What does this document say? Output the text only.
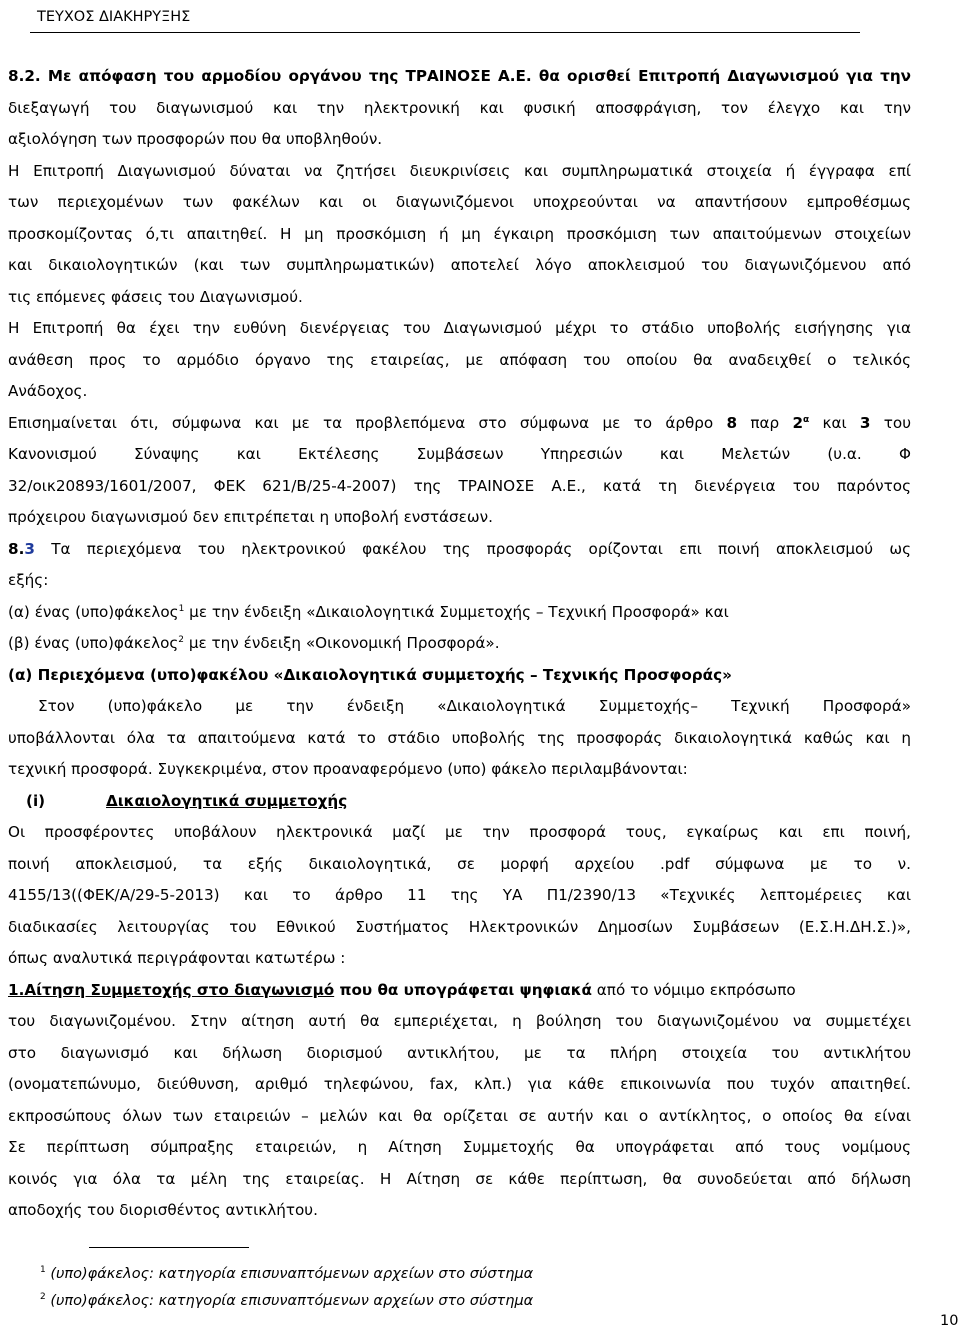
ΤΕΥΧΟΣ ΔΙΑΚΗΡΥΞΗΣ
8.2. Με απόφαση του αρμοδίου οργάνου της ΤΡΑΙΝΟΣΕ Α.Ε. θα ορισθεί Επιτροπή Διαγωνισμού για την
διεξαγωγή του διαγωνισμού και την ηλεκτρονική και φυσική αποσφράγιση, τον έλεγχο και την
αξιολόγηση των προσφορών που θα υποβληθούν.
Η Επιτροπή Διαγωνισμού δύναται να ζητήσει διευκρινίσεις και συμπληρωματικά στοιχεία ή έγγραφα επί
των περιεχομένων των φακέλων και οι διαγωνιζόμενοι υποχρεούνται να απαντήσουν εμπροθέσμως
προσκομίζοντας ό,τι απαιτηθεί. Η μη προσκόμιση ή μη έγκαιρη προσκόμιση των απαιτούμενων στοιχείων
και δικαιολογητικών (και των συμπληρωματικών) αποτελεί λόγο αποκλεισμού του διαγωνιζόμενου από
τις επόμενες φάσεις του Διαγωνισμού.
Η Επιτροπή θα έχει την ευθύνη διενέργειας του Διαγωνισμού μέχρι το στάδιο υποβολής εισήγησης για
ανάθεση προς το αρμόδιο όργανο της εταιρείας, με απόφαση του οποίου θα αναδειχθεί ο τελικός
Ανάδοχος.
Επισημαίνεται ότι, σύμφωνα και με τα προβλεπόμενα στο σύμφωνα με το άρθρο 8 παρ $2^\alpha$ και 3 του
Κανονισμού Σύναψης και Εκτέλεσης Συμβάσεων Υπηρεσιών και Μελετών (υ.α. Φ
32/οικ20893/1601/2007, ΦΕΚ 621/Β/25-4-2007) της ΤΡΑΙΝΟΣΕ Α.Ε., κατά τη διενέργεια του παρόντος
πρόχειρου διαγωνισμού δεν επιτρέπεται η υποβολή ενστάσεων.
8.3 Τα περιεχόμενα του ηλεκτρονικού φακέλου της προσφοράς ορίζονται επι ποινή αποκλεισμού ως
εξής:
(α) ένας (υπο)φάκελος$^1$ με την ένδειξη «Δικαιολογητικά Συμμετοχής – Τεχνική Προσφορά» και
(β) ένας (υπο)φάκελος$^2$ με την ένδειξη «Οικονομική Προσφορά».
(α) Περιεχόμενα (υπο)φακέλου «Δικαιολογητικά συμμετοχής – Τεχνικής Προσφοράς»
Στον (υπο)φάκελο με την ένδειξη «Δικαιολογητικά Συμμετοχής– Τεχνική Προσφορά»
υποβάλλονται όλα τα απαιτούμενα κατά το στάδιο υποβολής της προσφοράς δικαιολογητικά καθώς και η
τεχνική προσφορά. Συγκεκριμένα, στον προαναφερόμενο (υπο) φάκελο περιλαμβάνονται:
(i)	Δικαιολογητικά συμμετοχής
Οι προσφέροντες υποβάλουν ηλεκτρονικά μαζί με την προσφορά τους, εγκαίρως και επι ποινή,
ποινή αποκλεισμού, τα εξής δικαιολογητικά, σε μορφή αρχείου .pdf σύμφωνα με το ν.
4155/13((ΦΕΚ/Α/29-5-2013) και το άρθρο 11 της ΥΑ Π1/2390/13 «Τεχνικές λεπτομέρειες και
διαδικασίες λειτουργίας του Εθνικού Συστήματος Ηλεκτρονικών Δημοσίων Συμβάσεων (Ε.Σ.Η.ΔΗ.Σ.)»,
όπως αναλυτικά περιγράφονται κατωτέρω :
1.Αίτηση Συμμετοχής στο διαγωνισμό που θα υπογράφεται ψηφιακά από το νόμιμο εκπρόσωπο
του διαγωνιζομένου. Στην αίτηση αυτή θα εμπεριέχεται, η βούληση του διαγωνιζομένου να συμμετέχει
στο διαγωνισμό και δήλωση διορισμού αντικλήτου, με τα πλήρη στοιχεία του αντικλήτου
(ονοματεπώνυμο, διεύθυνση, αριθμό τηλεφώνου, fax, κλπ.) για κάθε επικοινωνία που τυχόν απαιτηθεί.
Σε περίπτωση σύμπραξης εταιρειών, η Αίτηση Συμμετοχής θα υπογράφεται από τους νομίμους
εκπροσώπους όλων των εταιρειών – μελών και θα ορίζεται σε αυτήν και ο αντίκλητος, ο οποίος θα είναι
$^1$ (υπο)φάκελος: κατηγορία επισυναπτόμενων αρχείων στο σύστημα
$^2$ (υπο)φάκελος: κατηγορία επισυναπτόμενων αρχείων στο σύστημα
10
κοινός για όλα τα μέλη της εταιρείας. Η Αίτηση σε κάθε περίπτωση, θα συνοδεύεται από δήλωση
αποδοχής του διορισθέντος αντικλήτου.
